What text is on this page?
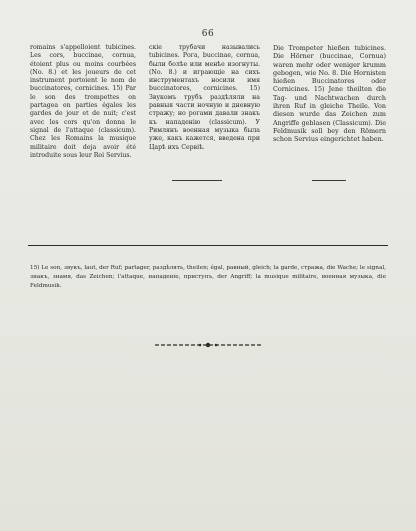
66

romains s'appelloient tubicines. Les cors, buccinae, cornua, étoient plus ou moins courbées (No. 8.) et les joueurs de cet instrument portoient le nom de buccinatores, cornicines. 15) Par le son des trompettes on partagea en parties égales les gardes de jour et de nuit; c'est avec les cors qu'on donna le signal de l'attaque (classicum). Chez les Romains la musique militaire doit deja avoir été introduite sous leur Roi Servius.

скіе трубачи назывались tubicines. Рога, buccinae, cornua, были болѣе или менѣе изогнуты. (No. 8.) и играющіе на сихъ инструментахъ носили имя buccinatores, cornicines. 15) Звукомъ трубъ раздѣляли на равныя части ночную и дневную стражу; но рогами давали знакъ къ нападенію (classicum). У Римлянъ военная музыка была уже, какъ кажется, введена при Царѣ ихъ Сервіѣ.

Die Trompeter hießen tubicines. Die Hörner (buccinae, Cornua) waren mehr oder weniger krumm gebogen, wie No. 8. Die Hornisten hießen Buccinatores oder Cornicines. 15) Jene theilten die Tag- und Nachtwachen durch ihren Ruf in gleiche Theile. Von diesen wurde das Zeichen zum Angriffe geblasen (Classicum). Die Feldmusik soll bey den Römern schon Servius eingerichtet haben.

15) Le son, звукъ, laut, der Ruf; partager, раздѣлять, theilen; égal, равный, gleich; la garde, стража, die Wache; le signal, знакъ, знамя, das Zeichen; l'attaque, нападеніе, приступъ, der Angriff; la musique militaire, военная музыка, die Feldmusik.
